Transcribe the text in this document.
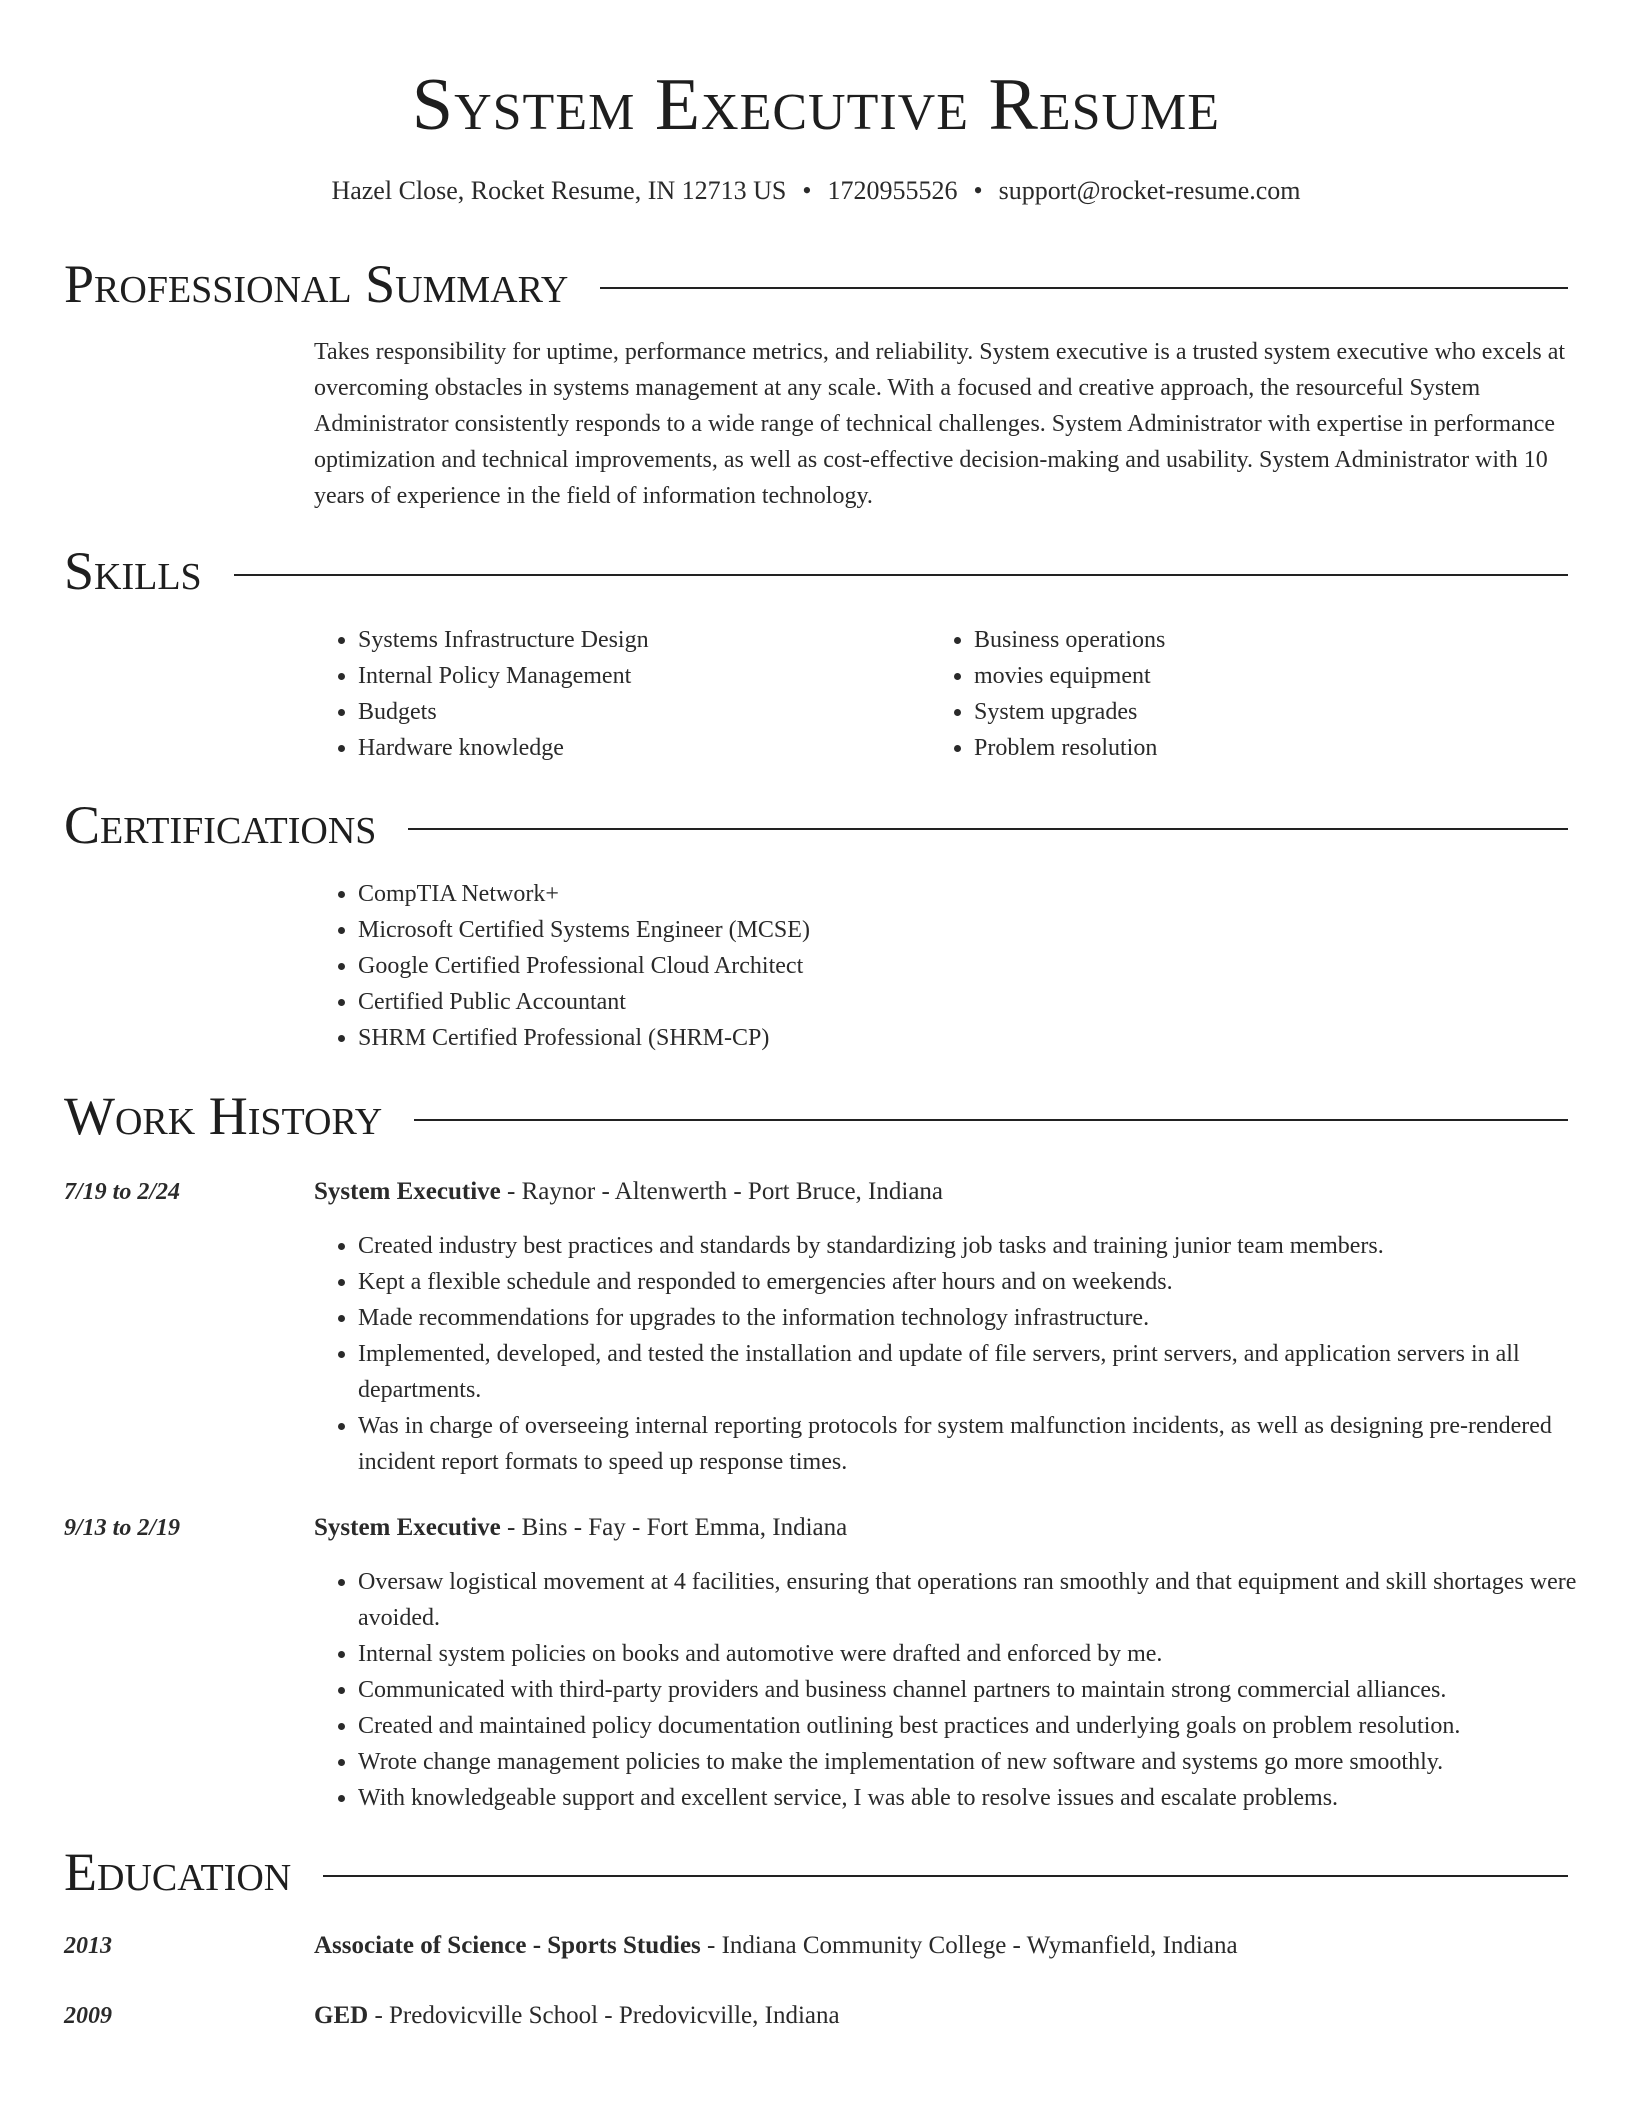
System Executive Resume
Hazel Close, Rocket Resume, IN 12713 US • 1720955526 • support@rocket-resume.com
Professional Summary

Takes responsibility for uptime, performance metrics, and reliability. System executive is a trusted system executive who excels at overcoming obstacles in systems management at any scale. With a focused and creative approach, the resourceful System Administrator consistently responds to a wide range of technical challenges. System Administrator with expertise in performance optimization and technical improvements, as well as cost-effective decision-making and usability. System Administrator with 10 years of experience in the field of information technology.

Skills
• Systems Infrastructure Design
• Internal Policy Management
• Budgets
• Hardware knowledge
• Business operations
• movies equipment
• System upgrades
• Problem resolution
Certifications
• CompTIA Network+
• Microsoft Certified Systems Engineer (MCSE)
• Google Certified Professional Cloud Architect
• Certified Public Accountant
• SHRM Certified Professional (SHRM-CP)
Work History
7/19 to 2/24	System Executive - Raynor - Altenwerth - Port Bruce, Indiana
• Created industry best practices and standards by standardizing job tasks and training junior team members.
• Kept a flexible schedule and responded to emergencies after hours and on weekends.
• Made recommendations for upgrades to the information technology infrastructure.
• Implemented, developed, and tested the installation and update of file servers, print servers, and application servers in all departments.
• Was in charge of overseeing internal reporting protocols for system malfunction incidents, as well as designing pre-rendered incident report formats to speed up response times.
9/13 to 2/19	System Executive - Bins - Fay - Fort Emma, Indiana
• Oversaw logistical movement at 4 facilities, ensuring that operations ran smoothly and that equipment and skill shortages were avoided.
• Internal system policies on books and automotive were drafted and enforced by me.
• Communicated with third-party providers and business channel partners to maintain strong commercial alliances.
• Created and maintained policy documentation outlining best practices and underlying goals on problem resolution.
• Wrote change management policies to make the implementation of new software and systems go more smoothly.
• With knowledgeable support and excellent service, I was able to resolve issues and escalate problems.
Education
2013	Associate of Science - Sports Studies - Indiana Community College - Wymanfield, Indiana
2009	GED - Predovicville School - Predovicville, Indiana
